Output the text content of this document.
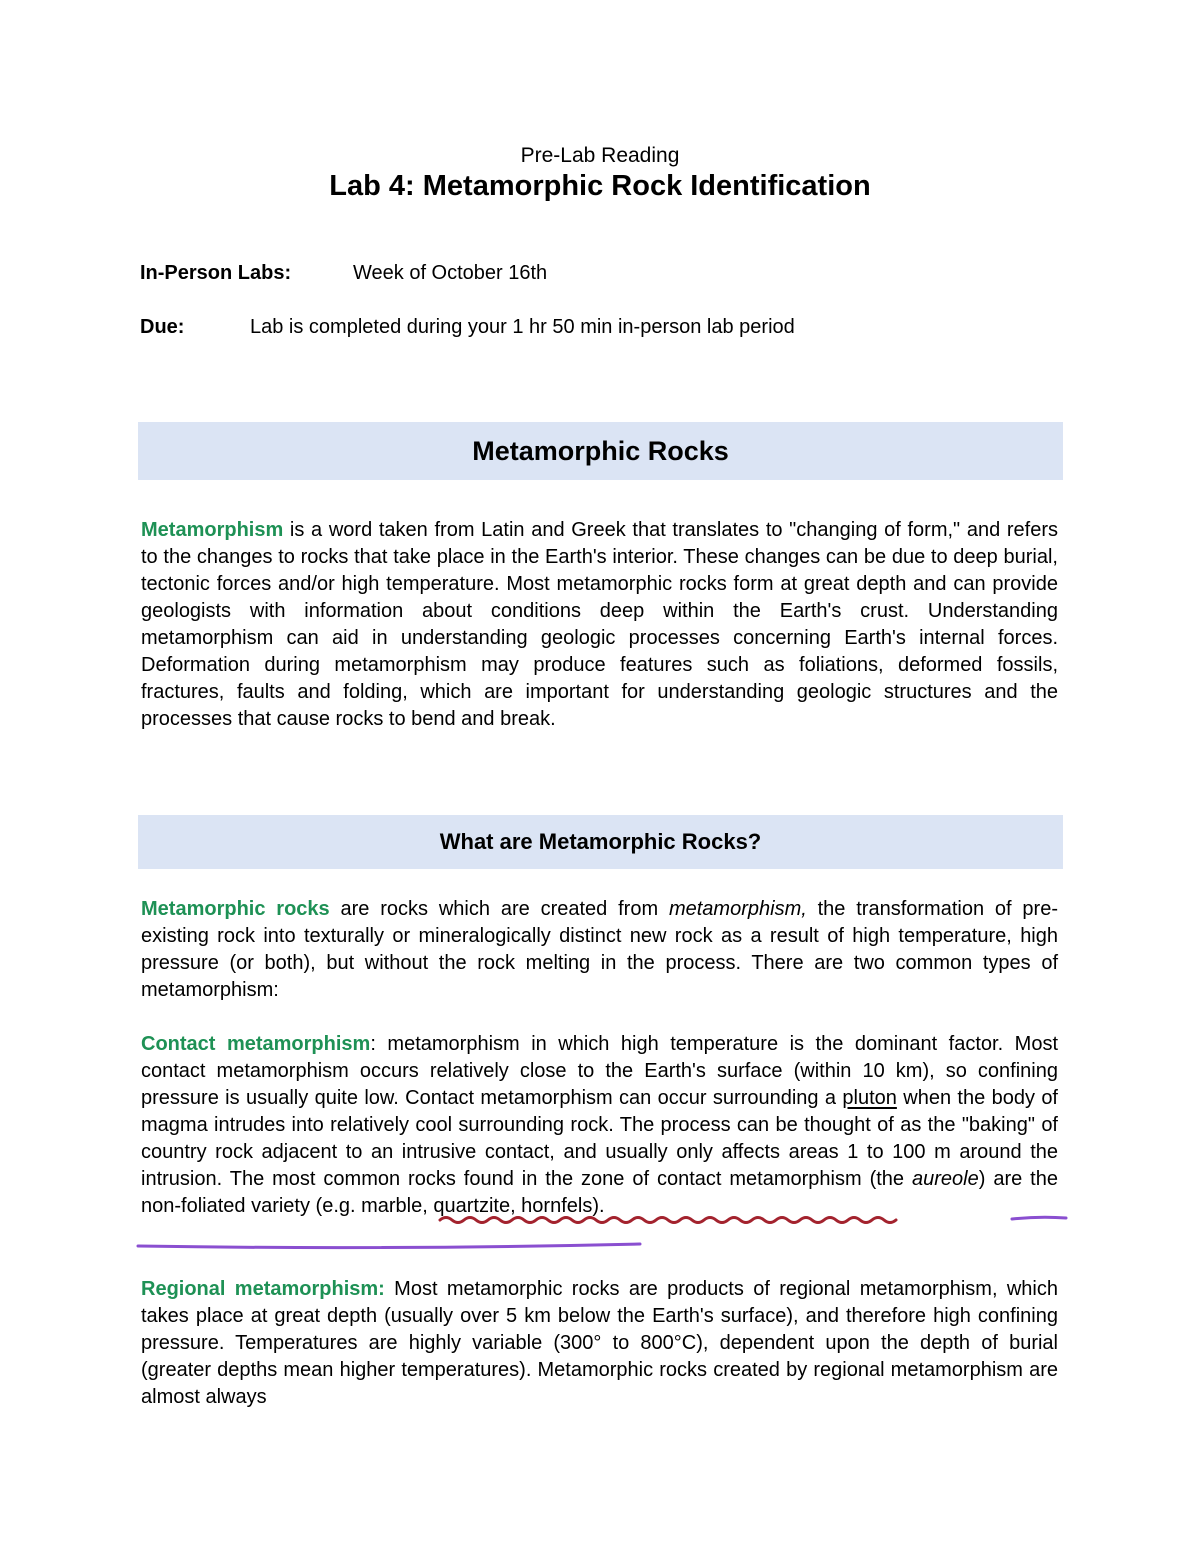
Pre-Lab Reading
Lab 4: Metamorphic Rock Identification
In-Person Labs:	Week of October 16th
Due:	Lab is completed during your 1 hr 50 min in-person lab period
Metamorphic Rocks
Metamorphism is a word taken from Latin and Greek that translates to "changing of form," and refers to the changes to rocks that take place in the Earth's interior. These changes can be due to deep burial, tectonic forces and/or high temperature. Most metamorphic rocks form at great depth and can provide geologists with information about conditions deep within the Earth's crust. Understanding metamorphism can aid in understanding geologic processes concerning Earth's internal forces. Deformation during metamorphism may produce features such as foliations, deformed fossils, fractures, faults and folding, which are important for understanding geologic structures and the processes that cause rocks to bend and break.
What are Metamorphic Rocks?
Metamorphic rocks are rocks which are created from metamorphism, the transformation of pre-existing rock into texturally or mineralogically distinct new rock as a result of high temperature, high pressure (or both), but without the rock melting in the process. There are two common types of metamorphism:
Contact metamorphism: metamorphism in which high temperature is the dominant factor. Most contact metamorphism occurs relatively close to the Earth's surface (within 10 km), so confining pressure is usually quite low. Contact metamorphism can occur surrounding a pluton when the body of magma intrudes into relatively cool surrounding rock. The process can be thought of as the "baking" of country rock adjacent to an intrusive contact, and usually only affects areas 1 to 100 m around the intrusion. The most common rocks found in the zone of contact metamorphism (the aureole) are the non-foliated variety (e.g. marble, quartzite, hornfels).
Regional metamorphism: Most metamorphic rocks are products of regional metamorphism, which takes place at great depth (usually over 5 km below the Earth's surface), and therefore high confining pressure. Temperatures are highly variable (300° to 800°C), dependent upon the depth of burial (greater depths mean higher temperatures). Metamorphic rocks created by regional metamorphism are almost always
